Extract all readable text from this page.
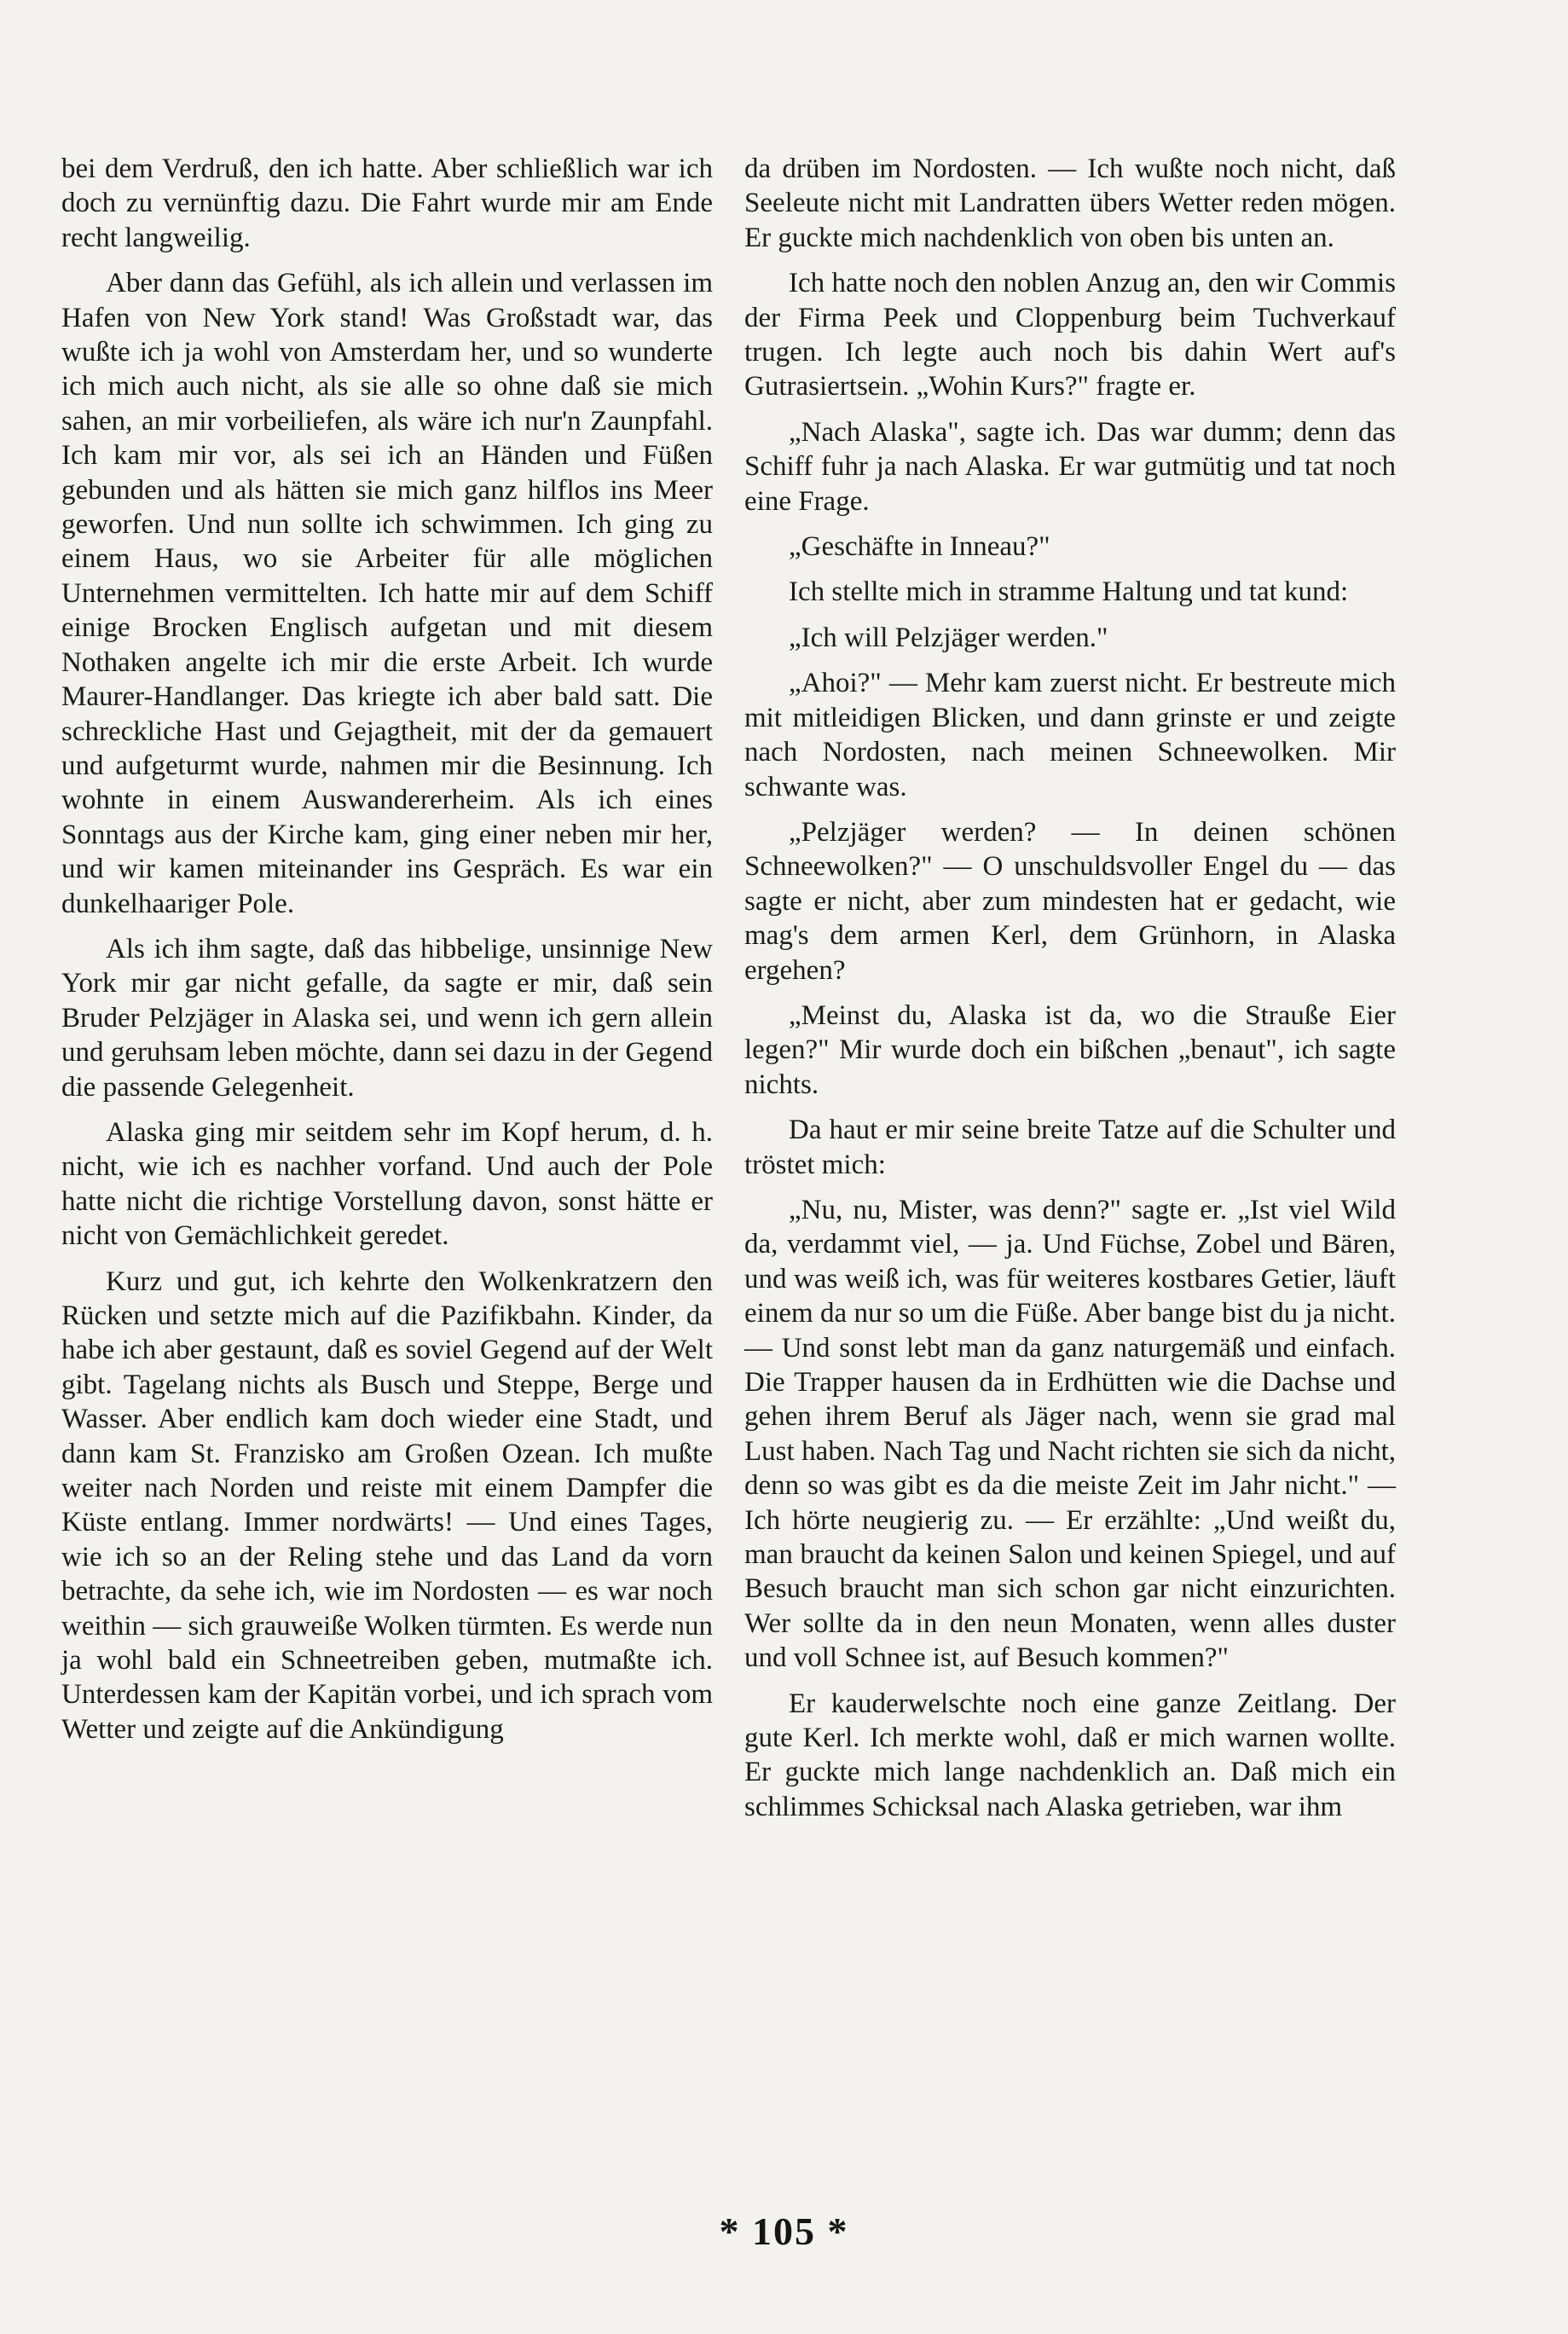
bei dem Verdruß, den ich hatte. Aber schließlich war ich doch zu vernünftig dazu. Die Fahrt wurde mir am Ende recht langweilig.

Aber dann das Gefühl, als ich allein und verlassen im Hafen von New York stand! Was Großstadt war, das wußte ich ja wohl von Amsterdam her, und so wunderte ich mich auch nicht, als sie alle so ohne daß sie mich sahen, an mir vorbeiliefen, als wäre ich nur'n Zaunpfahl. Ich kam mir vor, als sei ich an Händen und Füßen gebunden und als hätten sie mich ganz hilflos ins Meer geworfen. Und nun sollte ich schwimmen. Ich ging zu einem Haus, wo sie Arbeiter für alle möglichen Unternehmen vermittelten. Ich hatte mir auf dem Schiff einige Brocken Englisch aufgetan und mit diesem Nothaken angelte ich mir die erste Arbeit. Ich wurde Maurer-Handlanger. Das kriegte ich aber bald satt. Die schreckliche Hast und Gejagtheit, mit der da gemauert und aufgeturmt wurde, nahmen mir die Besinnung. Ich wohnte in einem Auswandererheim. Als ich eines Sonntags aus der Kirche kam, ging einer neben mir her, und wir kamen miteinander ins Gespräch. Es war ein dunkelhaariger Pole.

Als ich ihm sagte, daß das hibbelige, unsinnige New York mir gar nicht gefalle, da sagte er mir, daß sein Bruder Pelzjäger in Alaska sei, und wenn ich gern allein und geruhsam leben möchte, dann sei dazu in der Gegend die passende Gelegenheit.

Alaska ging mir seitdem sehr im Kopf herum, d. h. nicht, wie ich es nachher vorfand. Und auch der Pole hatte nicht die richtige Vorstellung davon, sonst hätte er nicht von Gemächlichkeit geredet.

Kurz und gut, ich kehrte den Wolkenkratzern den Rücken und setzte mich auf die Pazifikbahn. Kinder, da habe ich aber gestaunt, daß es soviel Gegend auf der Welt gibt. Tagelang nichts als Busch und Steppe, Berge und Wasser. Aber endlich kam doch wieder eine Stadt, und dann kam St. Franzisko am Großen Ozean. Ich mußte weiter nach Norden und reiste mit einem Dampfer die Küste entlang. Immer nordwärts! — Und eines Tages, wie ich so an der Reling stehe und das Land da vorn betrachte, da sehe ich, wie im Nordosten — es war noch weithin — sich grauweiße Wolken türmten. Es werde nun ja wohl bald ein Schneetreiben geben, mutmaßte ich. Unterdessen kam der Kapitän vorbei, und ich sprach vom Wetter und zeigte auf die Ankündigung

da drüben im Nordosten. — Ich wußte noch nicht, daß Seeleute nicht mit Landratten übers Wetter reden mögen. Er guckte mich nachdenklich von oben bis unten an.

Ich hatte noch den noblen Anzug an, den wir Commis der Firma Peek und Cloppenburg beim Tuchverkauf trugen. Ich legte auch noch bis dahin Wert auf's Gutrasiertsein. „Wohin Kurs?" fragte er.

„Nach Alaska", sagte ich. Das war dumm; denn das Schiff fuhr ja nach Alaska. Er war gutmütig und tat noch eine Frage.

„Geschäfte in Inneau?"

Ich stellte mich in stramme Haltung und tat kund:

„Ich will Pelzjäger werden."

„Ahoi?" — Mehr kam zuerst nicht. Er bestreute mich mit mitleidigen Blicken, und dann grinste er und zeigte nach Nordosten, nach meinen Schneewolken. Mir schwante was.

„Pelzjäger werden? — In deinen schönen Schneewolken?" — O unschuldsvoller Engel du — das sagte er nicht, aber zum mindesten hat er gedacht, wie mag's dem armen Kerl, dem Grünhorn, in Alaska ergehen?

„Meinst du, Alaska ist da, wo die Strauße Eier legen?" Mir wurde doch ein bißchen „benaut", ich sagte nichts.

Da haut er mir seine breite Tatze auf die Schulter und tröstet mich:

„Nu, nu, Mister, was denn?" sagte er. „Ist viel Wild da, verdammt viel, — ja. Und Füchse, Zobel und Bären, und was weiß ich, was für weiteres kostbares Getier, läuft einem da nur so um die Füße. Aber bange bist du ja nicht. — Und sonst lebt man da ganz naturgemäß und einfach. Die Trapper hausen da in Erdhütten wie die Dachse und gehen ihrem Beruf als Jäger nach, wenn sie grad mal Lust haben. Nach Tag und Nacht richten sie sich da nicht, denn so was gibt es da die meiste Zeit im Jahr nicht." — Ich hörte neugierig zu. — Er erzählte: „Und weißt du, man braucht da keinen Salon und keinen Spiegel, und auf Besuch braucht man sich schon gar nicht einzurichten. Wer sollte da in den neun Monaten, wenn alles duster und voll Schnee ist, auf Besuch kommen?"

Er kauderwelschte noch eine ganze Zeitlang. Der gute Kerl. Ich merkte wohl, daß er mich warnen wollte. Er guckte mich lange nachdenklich an. Daß mich ein schlimmes Schicksal nach Alaska getrieben, war ihm

* 105 *
